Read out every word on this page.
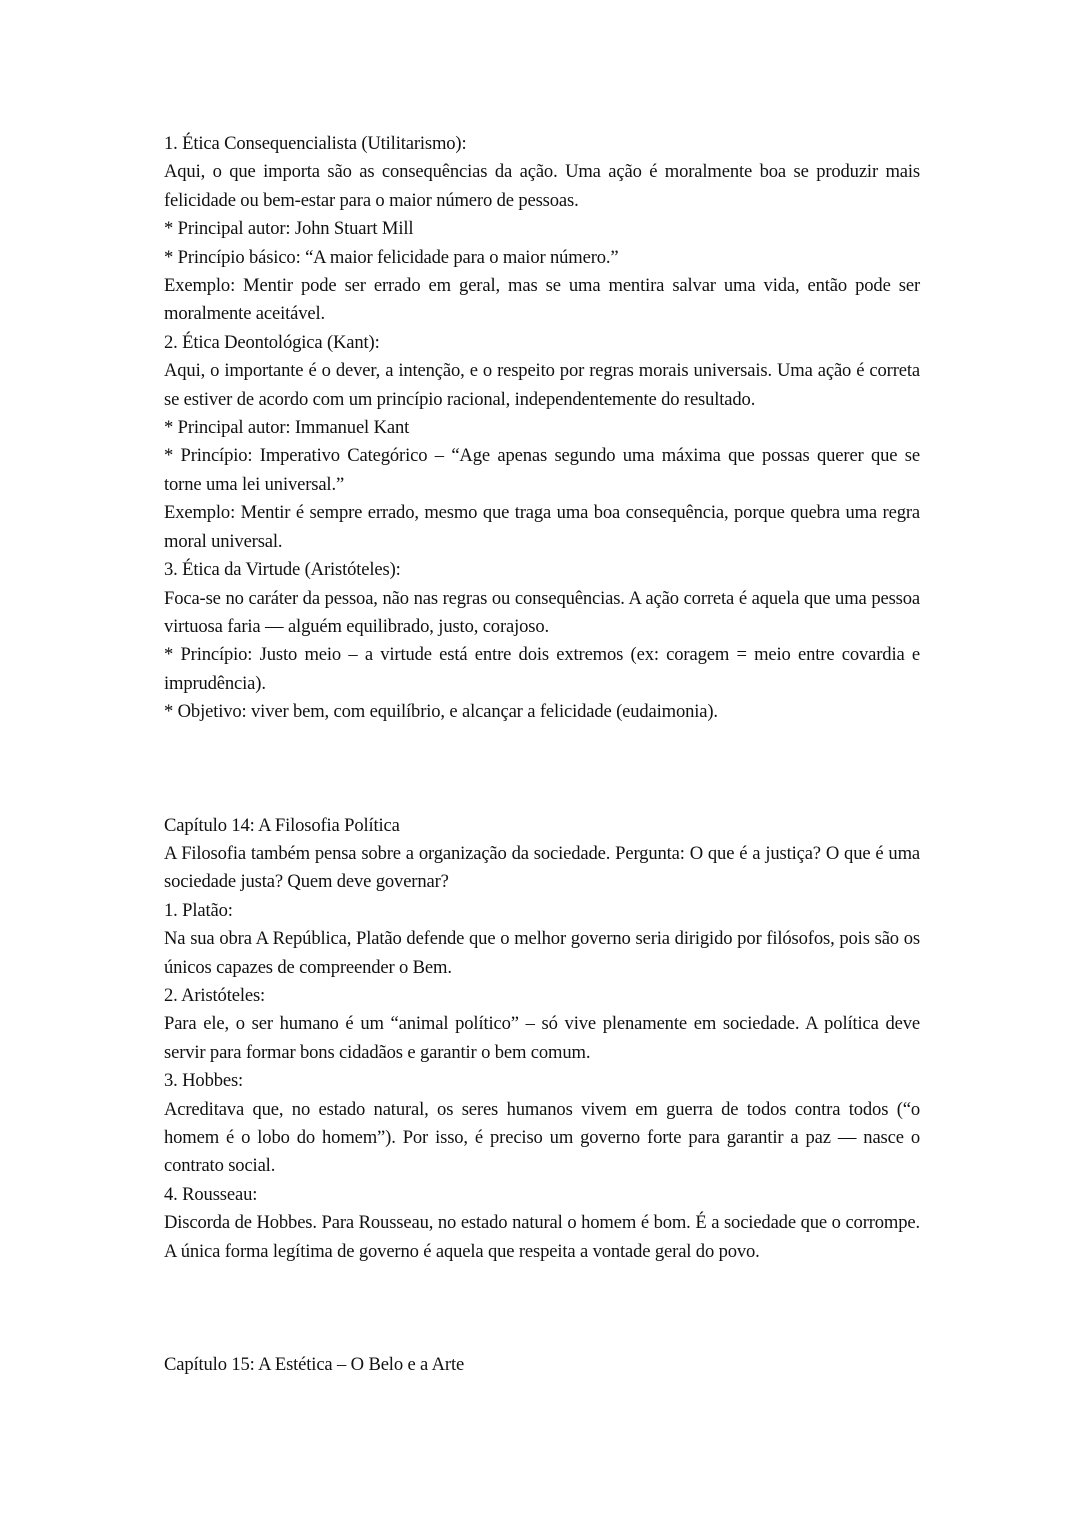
1. Ética Consequencialista (Utilitarismo):

Aqui, o que importa são as consequências da ação. Uma ação é moralmente boa se produzir mais felicidade ou bem-estar para o maior número de pessoas.

* Principal autor: John Stuart Mill

* Princípio básico: “A maior felicidade para o maior número.”

Exemplo: Mentir pode ser errado em geral, mas se uma mentira salvar uma vida, então pode ser moralmente aceitável.

2. Ética Deontológica (Kant):

Aqui, o importante é o dever, a intenção, e o respeito por regras morais universais. Uma ação é correta se estiver de acordo com um princípio racional, independentemente do resultado.

* Principal autor: Immanuel Kant

* Princípio: Imperativo Categórico – “Age apenas segundo uma máxima que possas querer que se torne uma lei universal.”

Exemplo: Mentir é sempre errado, mesmo que traga uma boa consequência, porque quebra uma regra moral universal.

3. Ética da Virtude (Aristóteles):

Foca-se no caráter da pessoa, não nas regras ou consequências. A ação correta é aquela que uma pessoa virtuosa faria — alguém equilibrado, justo, corajoso.

* Princípio: Justo meio – a virtude está entre dois extremos (ex: coragem = meio entre covardia e imprudência).

* Objetivo: viver bem, com equilíbrio, e alcançar a felicidade (eudaimonia).

Capítulo 14: A Filosofia Política

A Filosofia também pensa sobre a organização da sociedade. Pergunta: O que é a justiça? O que é uma sociedade justa? Quem deve governar?

1. Platão:

Na sua obra A República, Platão defende que o melhor governo seria dirigido por filósofos, pois são os únicos capazes de compreender o Bem.

2. Aristóteles:

Para ele, o ser humano é um “animal político” – só vive plenamente em sociedade. A política deve servir para formar bons cidadãos e garantir o bem comum.

3. Hobbes:

Acreditava que, no estado natural, os seres humanos vivem em guerra de todos contra todos (“o homem é o lobo do homem”). Por isso, é preciso um governo forte para garantir a paz — nasce o contrato social.

4. Rousseau:

Discorda de Hobbes. Para Rousseau, no estado natural o homem é bom. É a sociedade que o corrompe. A única forma legítima de governo é aquela que respeita a vontade geral do povo.

Capítulo 15: A Estética – O Belo e a Arte
